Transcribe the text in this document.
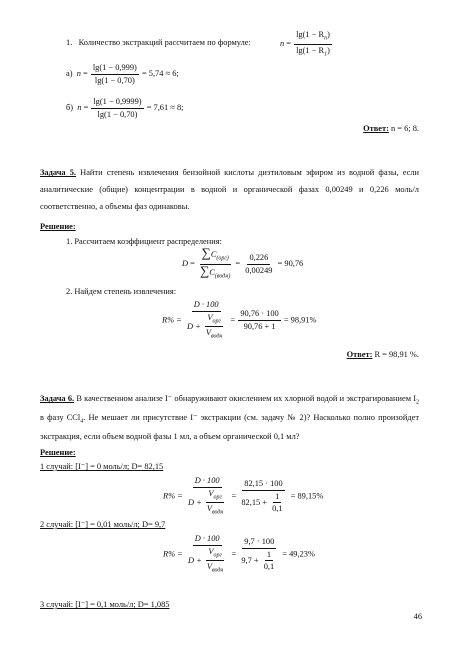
1. Количество экстракций рассчитаем по формуле:	$n = \frac{\lg(1 - R_n)}{\lg(1 - R_1)}$
а) $n = \frac{\lg(1 - 0,999)}{\lg(1 - 0,70)} = 5,74 \approx 6$;
б) $n = \frac{\lg(1 - 0,9999)}{\lg(1 - 0,70)} = 7,61 \approx 8$;
Ответ: n = 6; 8.
Задача 5. Найти степень извлечения бензойной кислоты диэтиловым эфиром из водной фазы, если аналитические (общие) концентрации в водной и органической фазах 0,00249 и 0,226 моль/л соответственно, а объемы фаз одинаковы.
Решение:
1. Рассчитаем коэффициент распределения:
$D = \frac{\sum C_{(орг)}}{\sum C_{(водн)}} = \frac{0,226}{0,00249} = 90,76$
2. Найдем степень извлечения:
$R\% = \frac{D \cdot 100}{D + \frac{V_{орг}}{V_{водн}}} = \frac{90,76 \cdot 100}{90,76 + 1} = 98,91\%$
Ответ: R = 98,91 %.
Задача 6. В качественном анализе I⁻ обнаруживают окислением их хлорной водой и экстрагированием $I_2$ в фазу CCl$_4$. Не мешает ли присутствие I⁻ экстракции (см. задачу № 2)? Насколько полно произойдет экстракция, если объем водной фазы 1 мл, а объем органической 0,1 мл?
Решение:
1 случай: [I⁻] = 0 моль/л; D= 82,15
$R\% = \frac{D \cdot 100}{D + \frac{V_{орг}}{V_{водн}}} = \frac{82,15 \cdot 100}{82,15 + \frac{1}{0,1}} = 89,15\%$
2 случай: [I⁻] = 0,01 моль/л; D= 9,7
$R\% = \frac{D \cdot 100}{D + \frac{V_{орг}}{V_{водн}}} = \frac{9,7 \cdot 100}{9,7 + \frac{1}{0,1}} = 49,23\%$
3 случай: [I⁻] = 0,1 моль/л; D= 1,085
46
